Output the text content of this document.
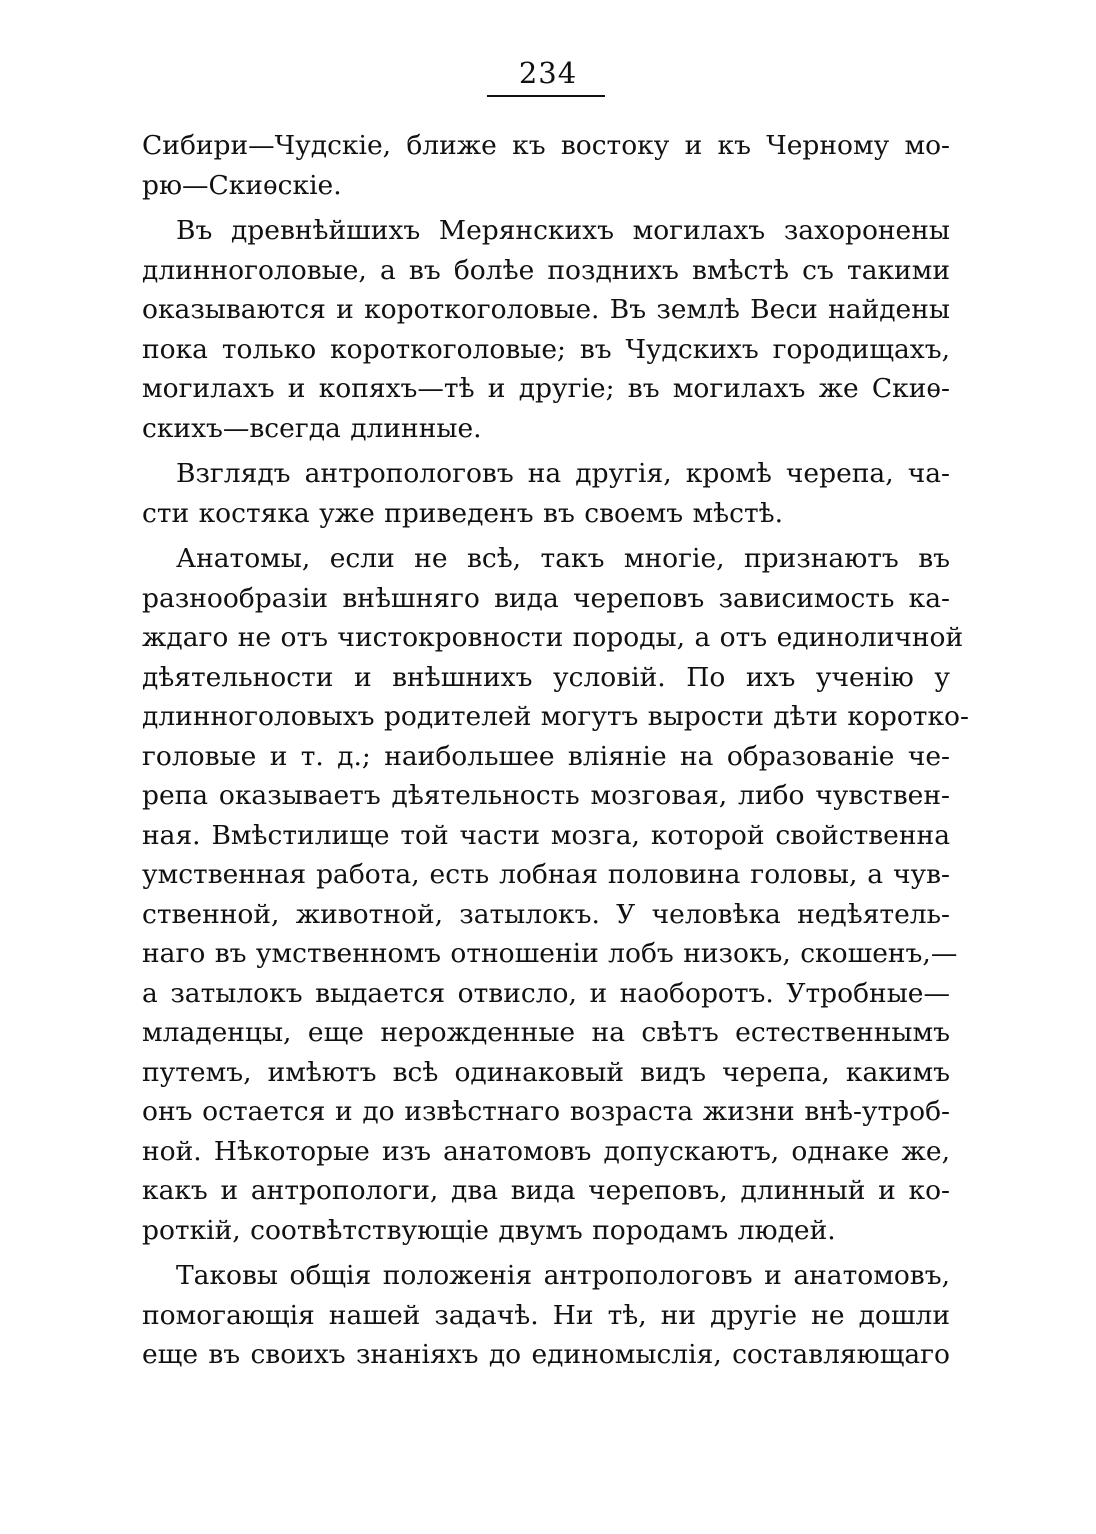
234
Сибири—Чудскiе, ближе къ востоку и къ Черному мо-
рю—Скиѳскiе.
Въ древнѣйшихъ Мерянскихъ могилахъ захоронены
длинноголовые, а въ болѣе позднихъ вмѣстѣ съ такими
оказываются и короткоголовые. Въ землѣ Веси найдены
пока только короткоголовые; въ Чудскихъ городищахъ,
могилахъ и копяхъ—тѣ и другiе; въ могилахъ же Скиѳ-
скихъ—всегда длинные.
Взглядъ антропологовъ на другiя, кромѣ черепа, ча-
сти костяка уже приведенъ въ своемъ мѣстѣ.
Анатомы, если не всѣ, такъ многiе, признаютъ въ
разнообразiи внѣшняго вида череповъ зависимость ка-
ждаго не отъ чистокровности породы, а отъ единоличной
дѣятельности и внѣшнихъ условiй. По ихъ ученiю у
длинноголовыхъ родителей могутъ вырости дѣти коротко-
головые и т. д.; наибольшее влiянiе на образованiе че-
репа оказываетъ дѣятельность мозговая, либо чувствен-
ная. Вмѣстилище той части мозга, которой свойственна
умственная работа, есть лобная половина головы, а чув-
ственной, животной, затылокъ. У человѣка недѣятель-
наго въ умственномъ отношенiи лобъ низокъ, скошенъ,—
а затылокъ выдается отвисло, и наоборотъ. Утробные—
младенцы, еще нерожденные на свѣтъ естественнымъ
путемъ, имѣютъ всѣ одинаковый видъ черепа, какимъ
онъ остается и до извѣстнаго возраста жизни внѣ-утроб-
ной. Нѣкоторые изъ анатомовъ допускаютъ, однаке же,
какъ и антропологи, два вида череповъ, длинный и ко-
роткiй, соотвѣтствующiе двумъ породамъ людей.
Таковы общiя положенiя антропологовъ и анатомовъ,
помогающiя нашей задачѣ. Ни тѣ, ни другiе не дошли
еще въ своихъ знанiяхъ до единомыслiя, составляющаго
